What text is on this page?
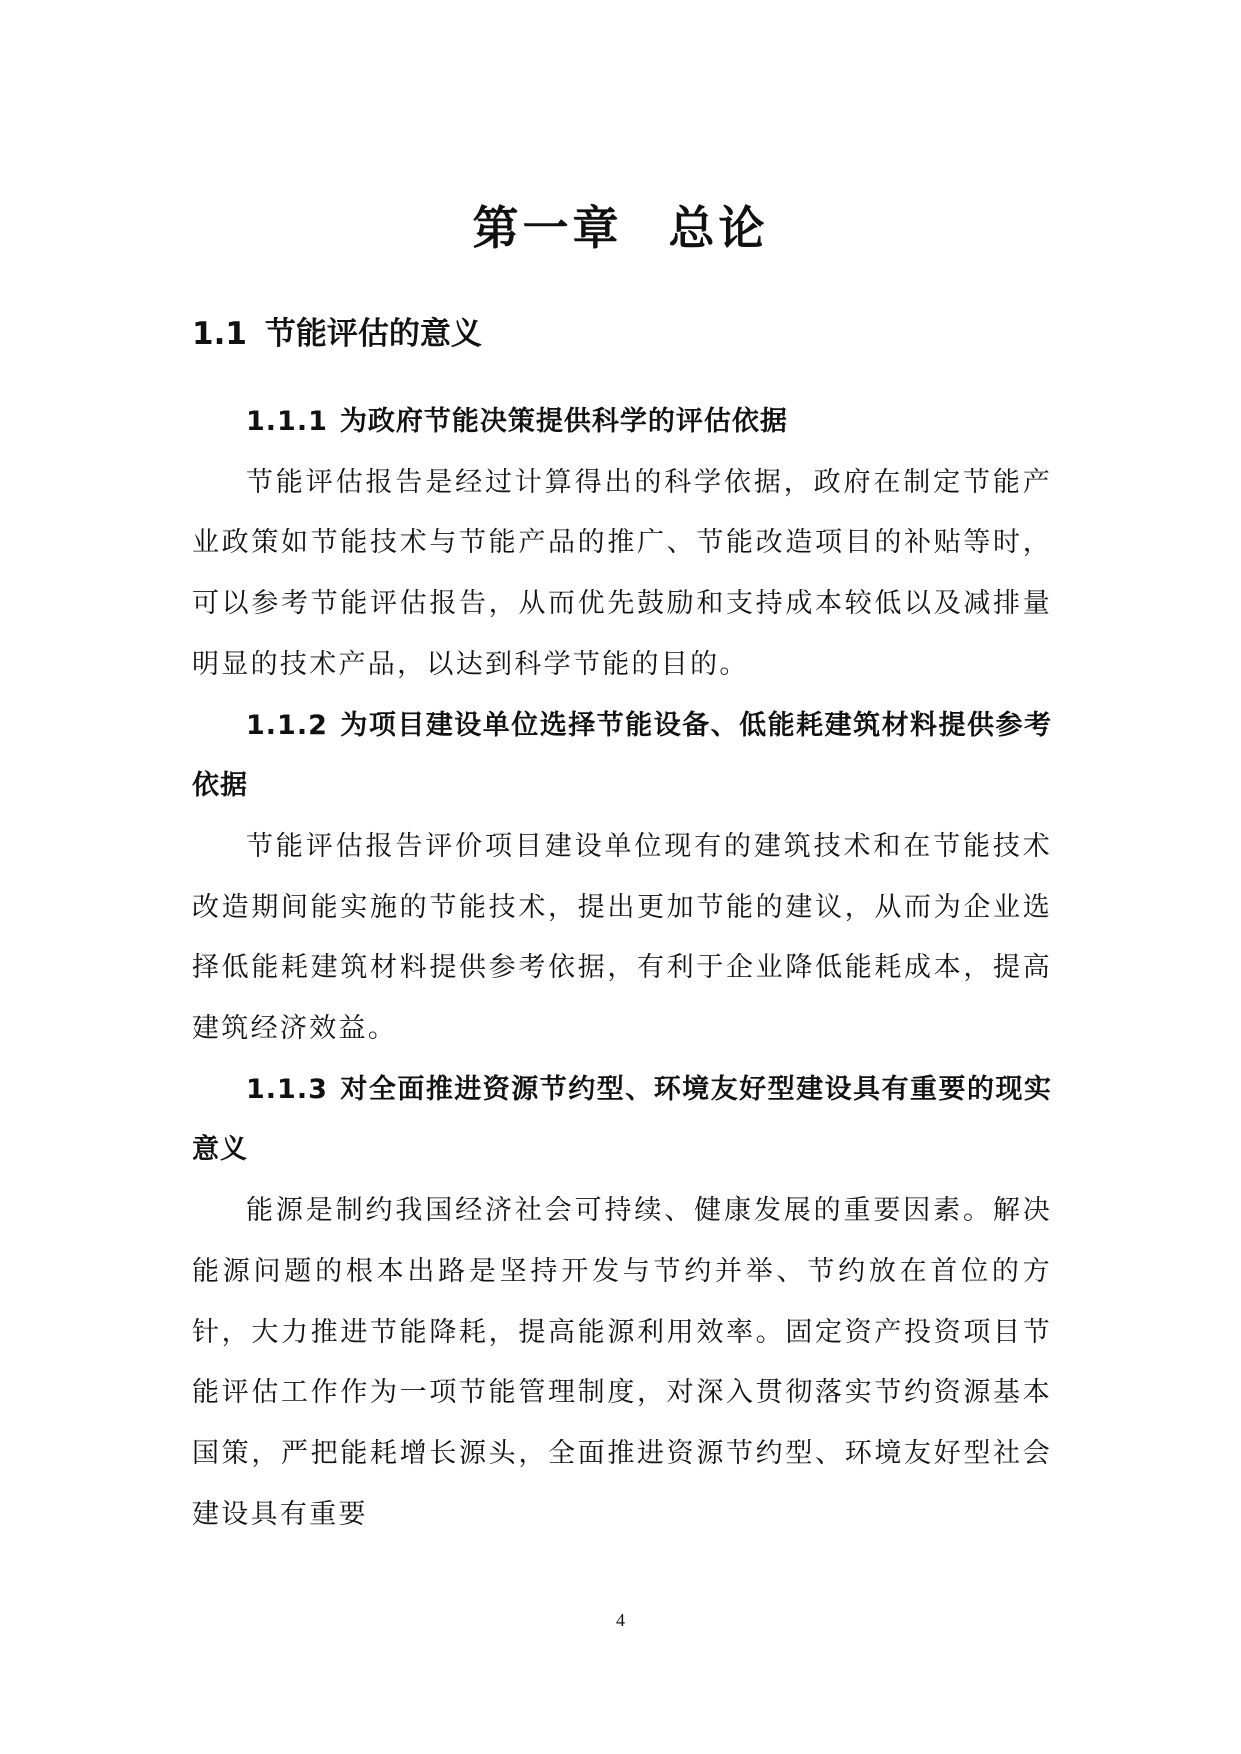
第一章 总论
1.1 节能评估的意义

1.1.1 为政府节能决策提供科学的评估依据

节能评估报告是经过计算得出的科学依据，政府在制定节能产业政策如节能技术与节能产品的推广、节能改造项目的补贴等时，可以参考节能评估报告，从而优先鼓励和支持成本较低以及减排量明显的技术产品，以达到科学节能的目的。

1.1.2 为项目建设单位选择节能设备、低能耗建筑材料提供参考依据

节能评估报告评价项目建设单位现有的建筑技术和在节能技术改造期间能实施的节能技术，提出更加节能的建议，从而为企业选择低能耗建筑材料提供参考依据，有利于企业降低能耗成本，提高建筑经济效益。

1.1.3 对全面推进资源节约型、环境友好型建设具有重要的现实意义

能源是制约我国经济社会可持续、健康发展的重要因素。解决能源问题的根本出路是坚持开发与节约并举、节约放在首位的方针，大力推进节能降耗，提高能源利用效率。固定资产投资项目节能评估工作作为一项节能管理制度，对深入贯彻落实节约资源基本国策，严把能耗增长源头，全面推进资源节约型、环境友好型社会建设具有重要

4
